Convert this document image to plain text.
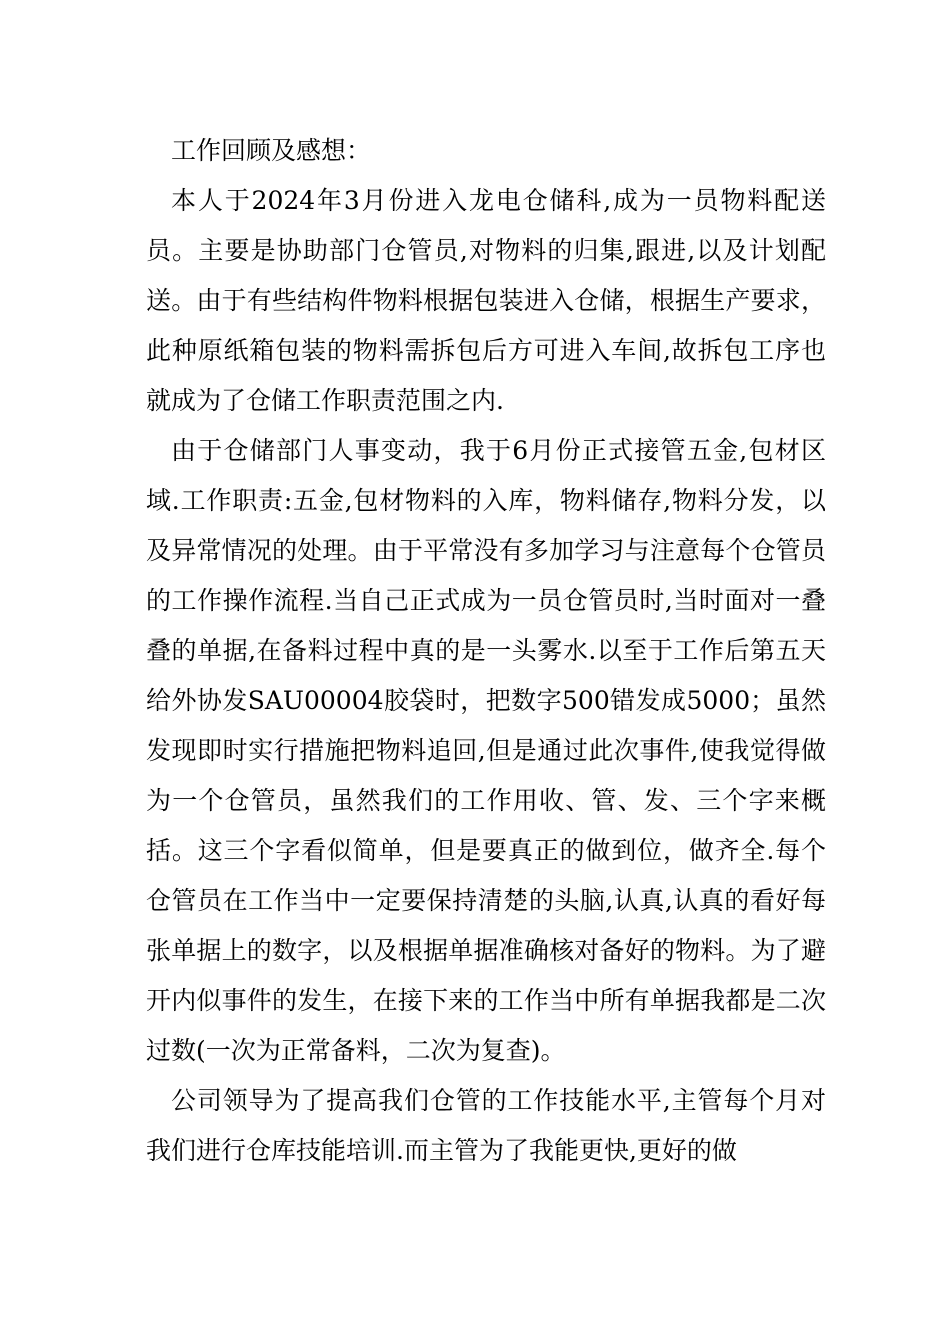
工作回顾及感想：

本人于2024年3月份进入龙电仓储科,成为一员物料配送员。主要是协助部门仓管员,对物料的归集,跟进,以及计划配送。由于有些结构件物料根据包装进入仓储，根据生产要求，此种原纸箱包装的物料需拆包后方可进入车间,故拆包工序也就成为了仓储工作职责范围之内.

由于仓储部门人事变动，我于6月份正式接管五金,包材区域.工作职责:五金,包材物料的入库，物料储存,物料分发，以及异常情况的处理。由于平常没有多加学习与注意每个仓管员的工作操作流程.当自己正式成为一员仓管员时,当时面对一叠叠的单据,在备料过程中真的是一头雾水.以至于工作后第五天给外协发SAU00004胶袋时，把数字500错发成5000；虽然发现即时实行措施把物料追回,但是通过此次事件,使我觉得做为一个仓管员，虽然我们的工作用收、管、发、三个字来概括。这三个字看似简单，但是要真正的做到位，做齐全.每个仓管员在工作当中一定要保持清楚的头脑,认真,认真的看好每张单据上的数字，以及根据单据准确核对备好的物料。为了避开内似事件的发生，在接下来的工作当中所有单据我都是二次过数(一次为正常备料，二次为复查)。

公司领导为了提高我们仓管的工作技能水平,主管每个月对我们进行仓库技能培训.而主管为了我能更快,更好的做
